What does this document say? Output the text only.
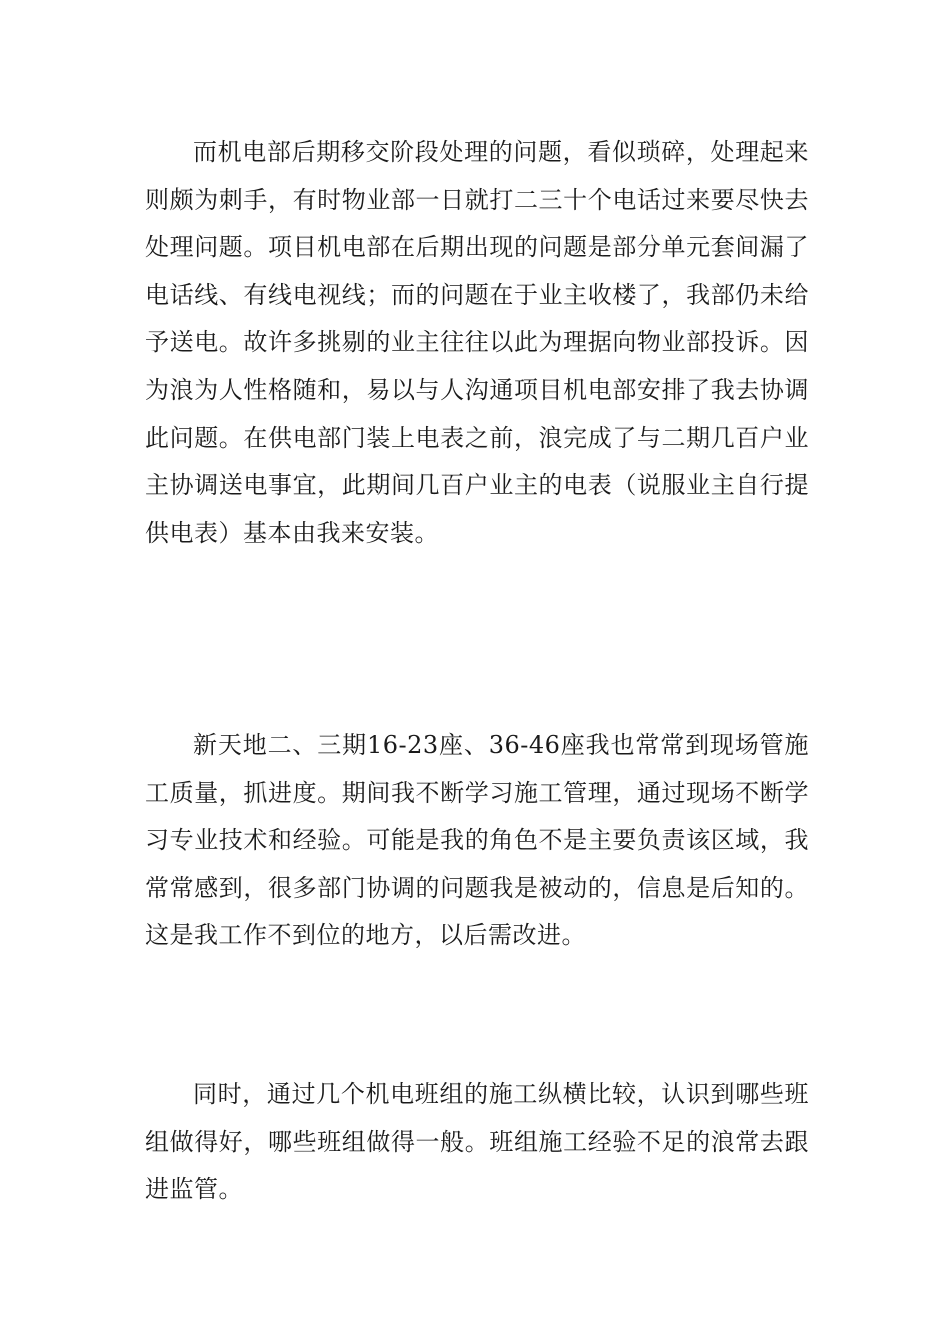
而机电部后期移交阶段处理的问题，看似琐碎，处理起来则颇为刺手，有时物业部一日就打二三十个电话过来要尽快去处理问题。项目机电部在后期出现的问题是部分单元套间漏了电话线、有线电视线；而的问题在于业主收楼了，我部仍未给予送电。故许多挑剔的业主往往以此为理据向物业部投诉。因为浪为人性格随和，易以与人沟通项目机电部安排了我去协调此问题。在供电部门装上电表之前，浪完成了与二期几百户业主协调送电事宜，此期间几百户业主的电表（说服业主自行提供电表）基本由我来安装。

新天地二、三期16-23座、36-46座我也常常到现场管施工质量，抓进度。期间我不断学习施工管理，通过现场不断学习专业技术和经验。可能是我的角色不是主要负责该区域，我常常感到，很多部门协调的问题我是被动的，信息是后知的。这是我工作不到位的地方，以后需改进。

同时，通过几个机电班组的施工纵横比较，认识到哪些班组做得好，哪些班组做得一般。班组施工经验不足的浪常去跟进监管。
